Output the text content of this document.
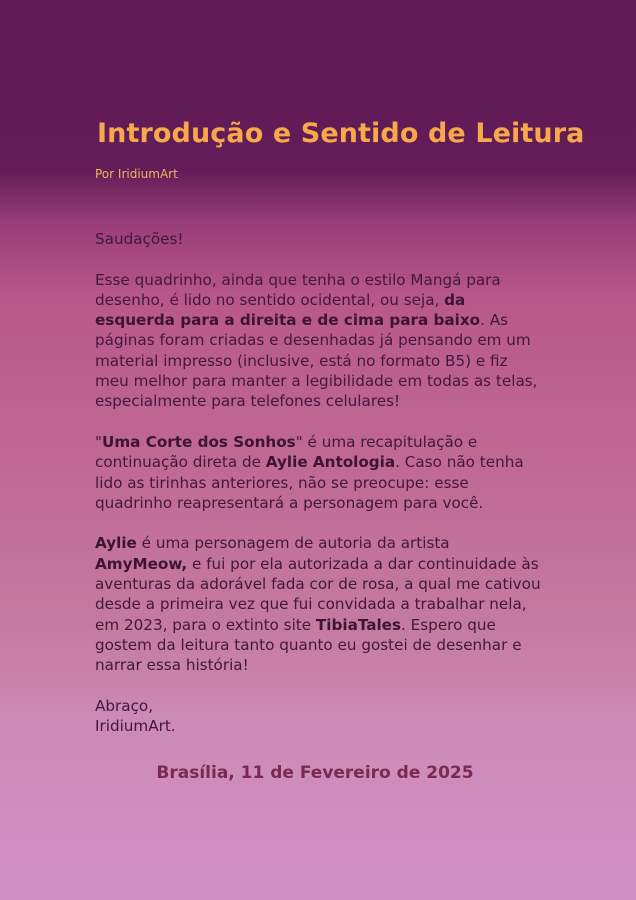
Introdução e Sentido de Leitura
Por IridiumArt

Saudações!

Esse quadrinho, ainda que tenha o estilo Mangá para desenho, é lido no sentido ocidental, ou seja, da esquerda para a direita e de cima para baixo. As páginas foram criadas e desenhadas já pensando em um material impresso (inclusive, está no formato B5) e fiz meu melhor para manter a legibilidade em todas as telas, especialmente para telefones celulares!

"Uma Corte dos Sonhos" é uma recapitulação e continuação direta de Aylie Antologia. Caso não tenha lido as tirinhas anteriores, não se preocupe: esse quadrinho reapresentará a personagem para você.

Aylie é uma personagem de autoria da artista AmyMeow, e fui por ela autorizada a dar continuidade às aventuras da adorável fada cor de rosa, a qual me cativou desde a primeira vez que fui convidada a trabalhar nela, em 2023, para o extinto site TibiaTales. Espero que gostem da leitura tanto quanto eu gostei de desenhar e narrar essa história!

Abraço,
IridiumArt.
Brasília, 11 de Fevereiro de 2025
